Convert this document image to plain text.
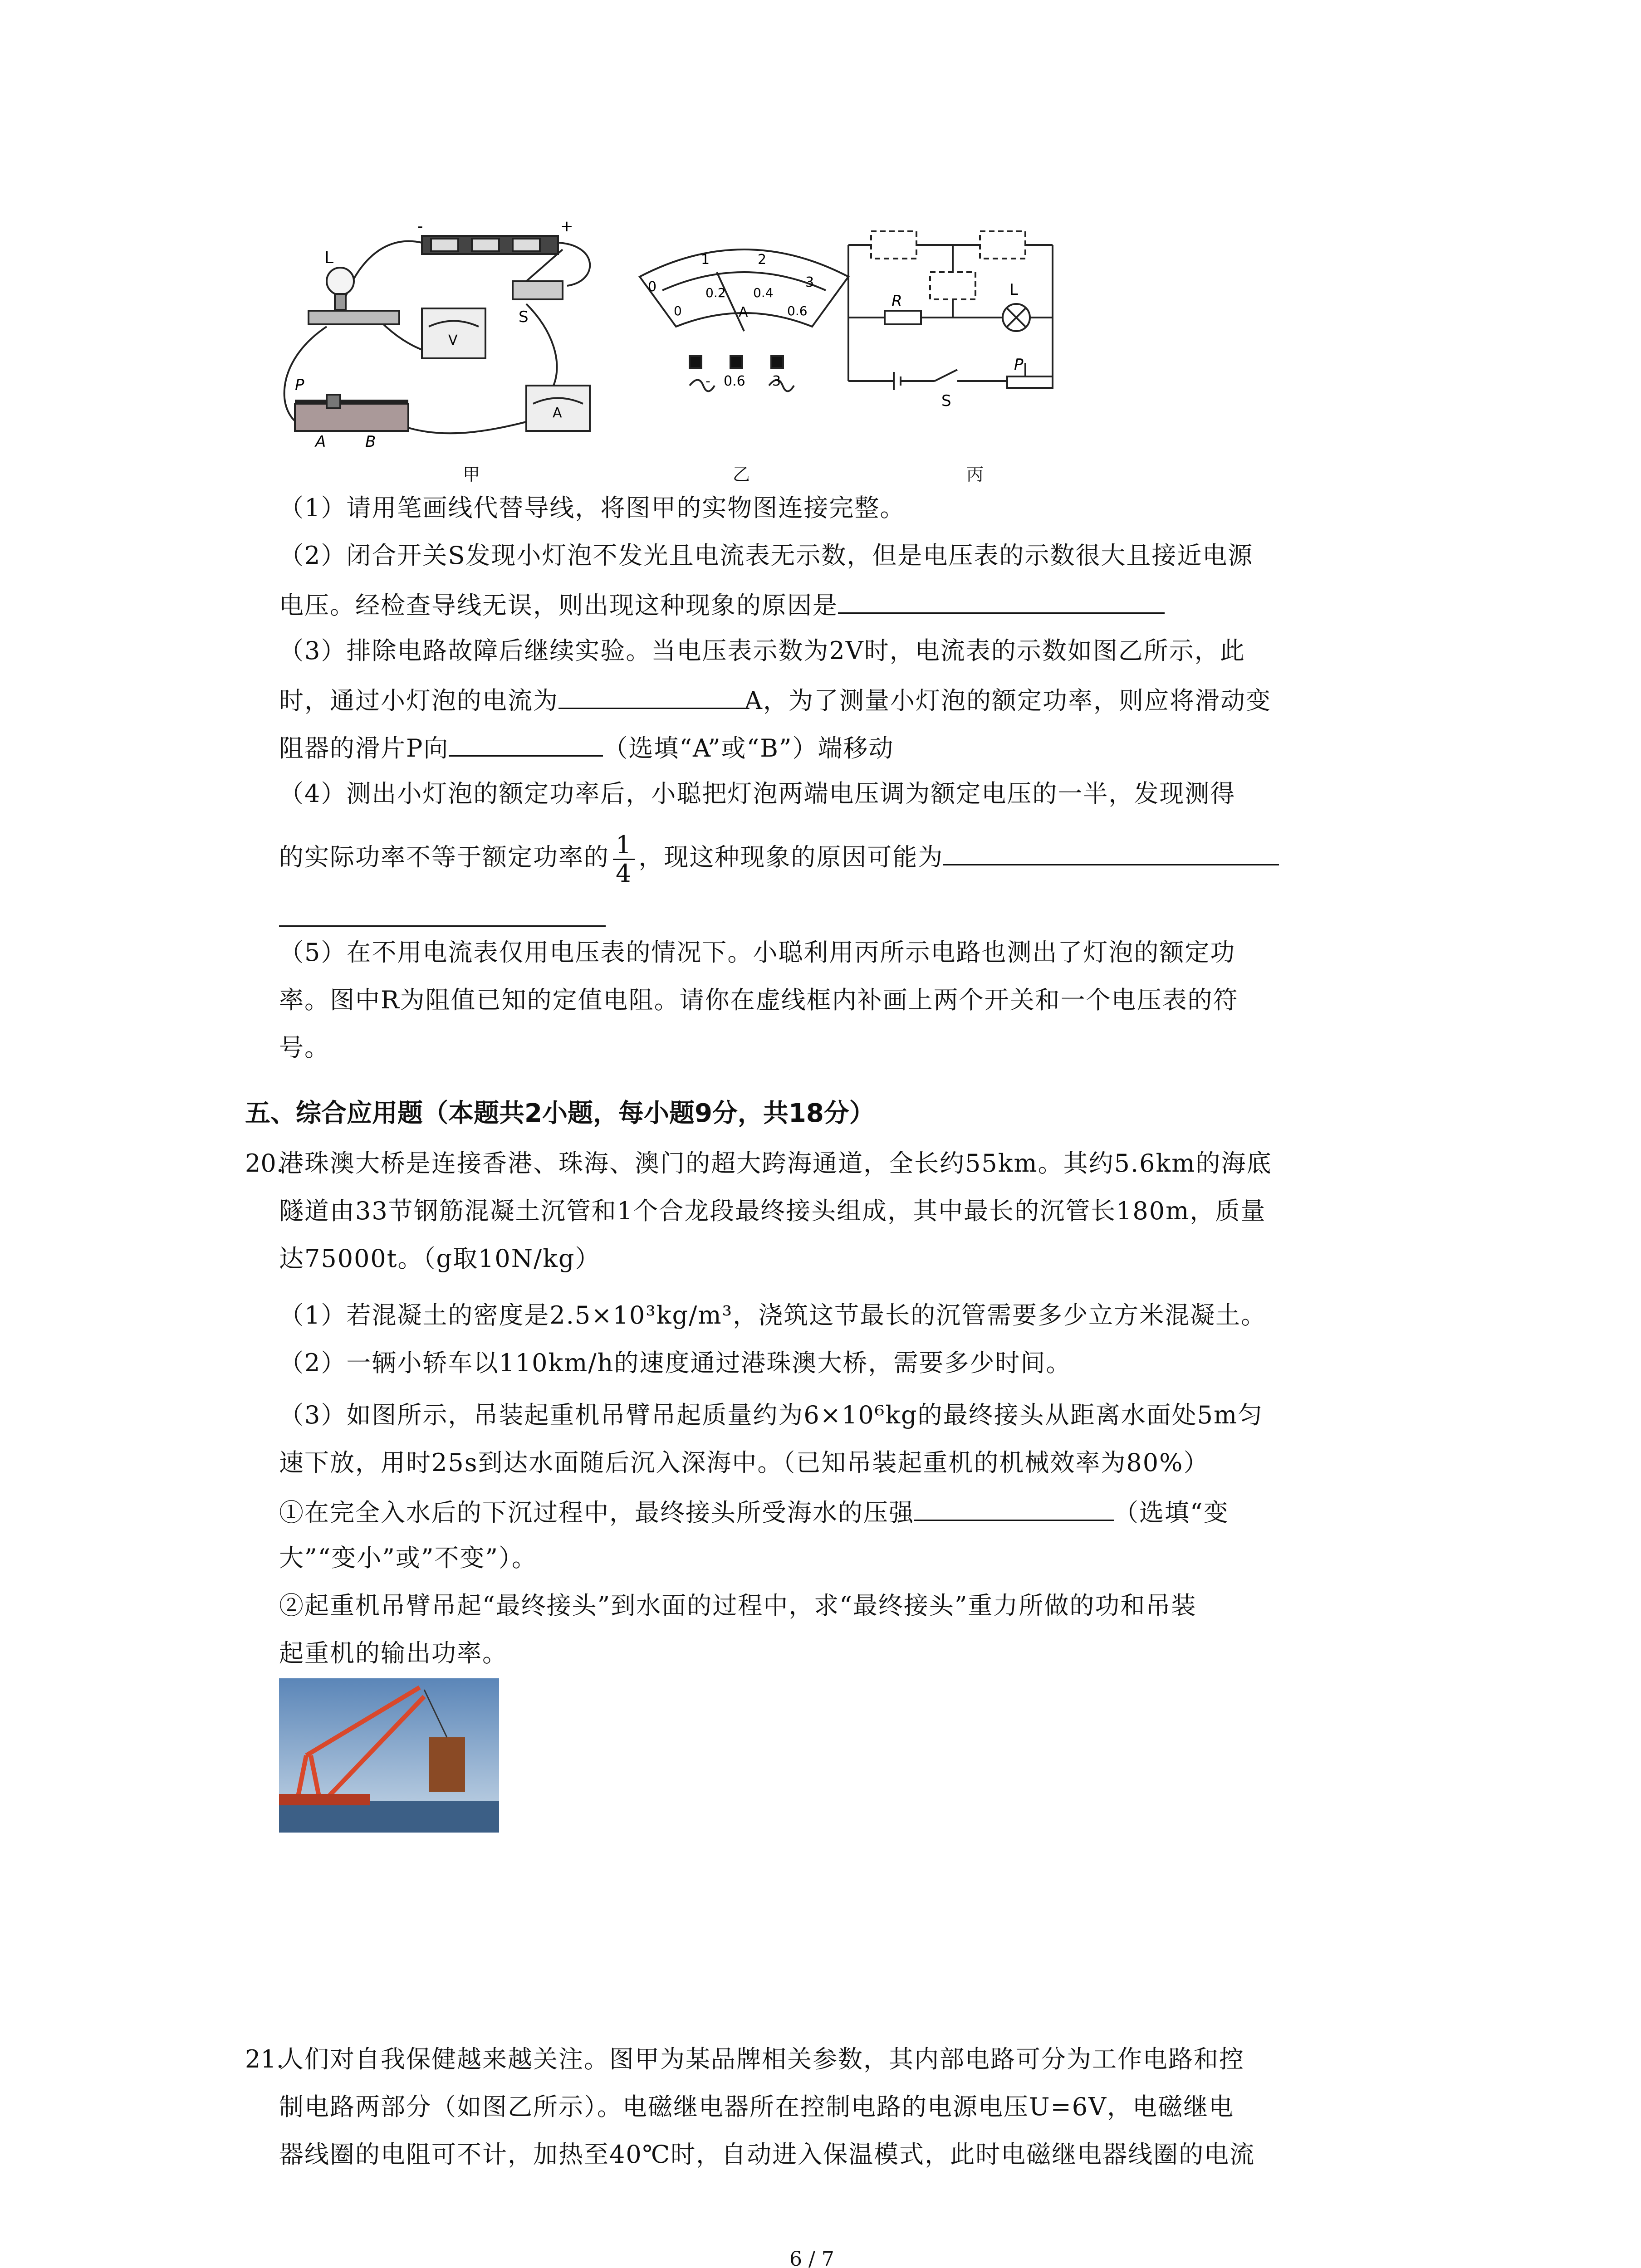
L
S
P
A	B
-	+
V
A
甲
0
1	2
3
0
0.2 0.4
0.6
A
- 0.6 3
乙
R
L
P
S
丙
（1）请用笔画线代替导线，将图甲的实物图连接完整。
（2）闭合开关S发现小灯泡不发光且电流表无示数，但是电压表的示数很大且接近电源
电压。经检查导线无误，则出现这种现象的原因是
（3）排除电路故障后继续实验。当电压表示数为2V时，电流表的示数如图乙所示，此
时，通过小灯泡的电流为	A，为了测量小灯泡的额定功率，则应将滑动变
阻器的滑片P向	（选填“A”或“B”）端移动
（4）测出小灯泡的额定功率后，小聪把灯泡两端电压调为额定电压的一半，发现测得
的实际功率不等于额定功率的 $\frac{1}{4}$ ，现这种现象的原因可能为
（5）在不用电流表仅用电压表的情况下。小聪利用丙所示电路也测出了灯泡的额定功
率。图中R为阻值已知的定值电阻。请你在虚线框内补画上两个开关和一个电压表的符
号。
五、综合应用题（本题共2小题，每小题9分，共18分）
20.
港珠澳大桥是连接香港、珠海、澳门的超大跨海通道，全长约55km。其约5.6km的海底
隧道由33节钢筋混凝土沉管和1个合龙段最终接头组成，其中最长的沉管长180m，质量
达75000t。（g取10N/kg）
（1）若混凝土的密度是2.5×10³kg/m³，浇筑这节最长的沉管需要多少立方米混凝土。
（2）一辆小轿车以110km/h的速度通过港珠澳大桥，需要多少时间。
（3）如图所示，吊装起重机吊臂吊起质量约为6×10⁶kg的最终接头从距离水面处5m匀
速下放，用时25s到达水面随后沉入深海中。（已知吊装起重机的机械效率为80%）
①在完全入水后的下沉过程中，最终接头所受海水的压强	（选填“变
大”“变小”或”不变”）。
②起重机吊臂吊起“最终接头”到水面的过程中，求“最终接头”重力所做的功和吊装
起重机的输出功率。
21.
人们对自我保健越来越关注。图甲为某品牌相关参数，其内部电路可分为工作电路和控
制电路两部分（如图乙所示）。电磁继电器所在控制电路的电源电压U=6V，电磁继电
器线圈的电阻可不计，加热至40℃时，自动进入保温模式，此时电磁继电器线圈的电流
6 / 7
